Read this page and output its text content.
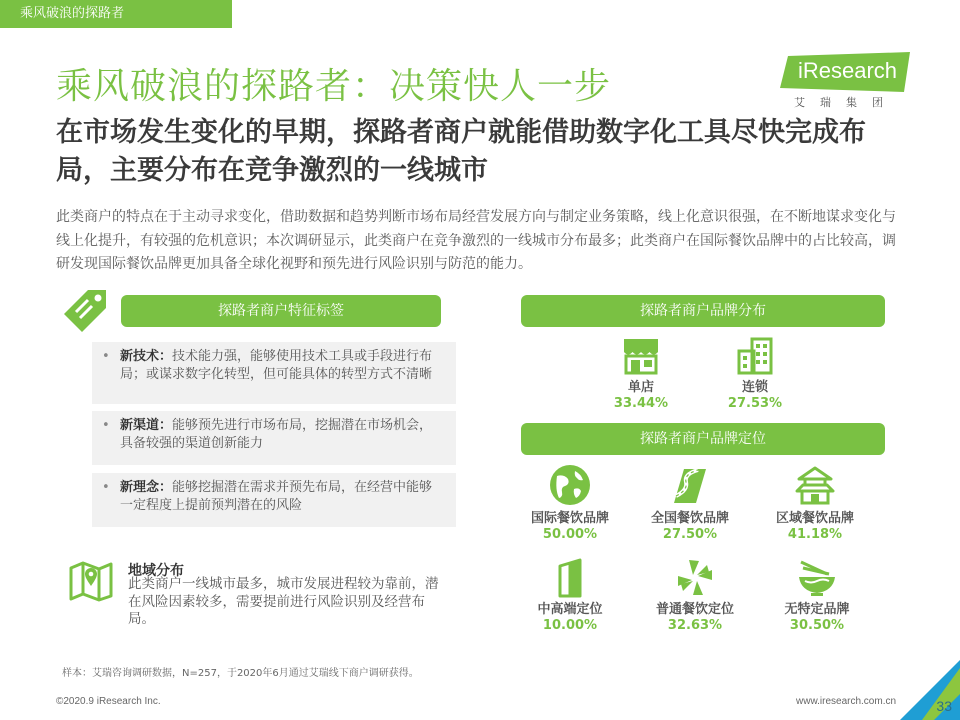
乘风破浪的探路者
乘风破浪的探路者：决策快人一步	iResearch
艾瑞集团
在市场发生变化的早期，探路者商户就能借助数字化工具尽快完成布局，主要分布在竞争激烈的一线城市
此类商户的特点在于主动寻求变化，借助数据和趋势判断市场布局经营发展方向与制定业务策略，线上化意识很强，在不断地谋求变化与线上化提升，有较强的危机意识；本次调研显示，此类商户在竞争激烈的一线城市分布最多；此类商户在国际餐饮品牌中的占比较高，调研发现国际餐饮品牌更加具备全球化视野和预先进行风险识别与防范的能力。
探路者商户特征标签
• 新技术：技术能力强，能够使用技术工具或手段进行布局；或谋求数字化转型，但可能具体的转型方式不清晰
• 新渠道：能够预先进行市场布局，挖掘潜在市场机会，具备较强的渠道创新能力
• 新理念：能够挖掘潜在需求并预先布局，在经营中能够一定程度上提前预判潜在的风险
地域分布
此类商户一线城市最多，城市发展进程较为靠前，潜在风险因素较多，需要提前进行风险识别及经营布局。
探路者商户品牌分布
单店
33.44%
连锁
27.53%
探路者商户品牌定位
国际餐饮品牌
50.00%
全国餐饮品牌
27.50%
区域餐饮品牌
41.18%
中高端定位
10.00%
普通餐饮定位
32.63%
无特定品牌
30.50%
样本：艾瑞咨询调研数据，N=257，于2020年6月通过艾瑞线下商户调研获得。
©2020.9 iResearch Inc.	www.iresearch.com.cn	33
